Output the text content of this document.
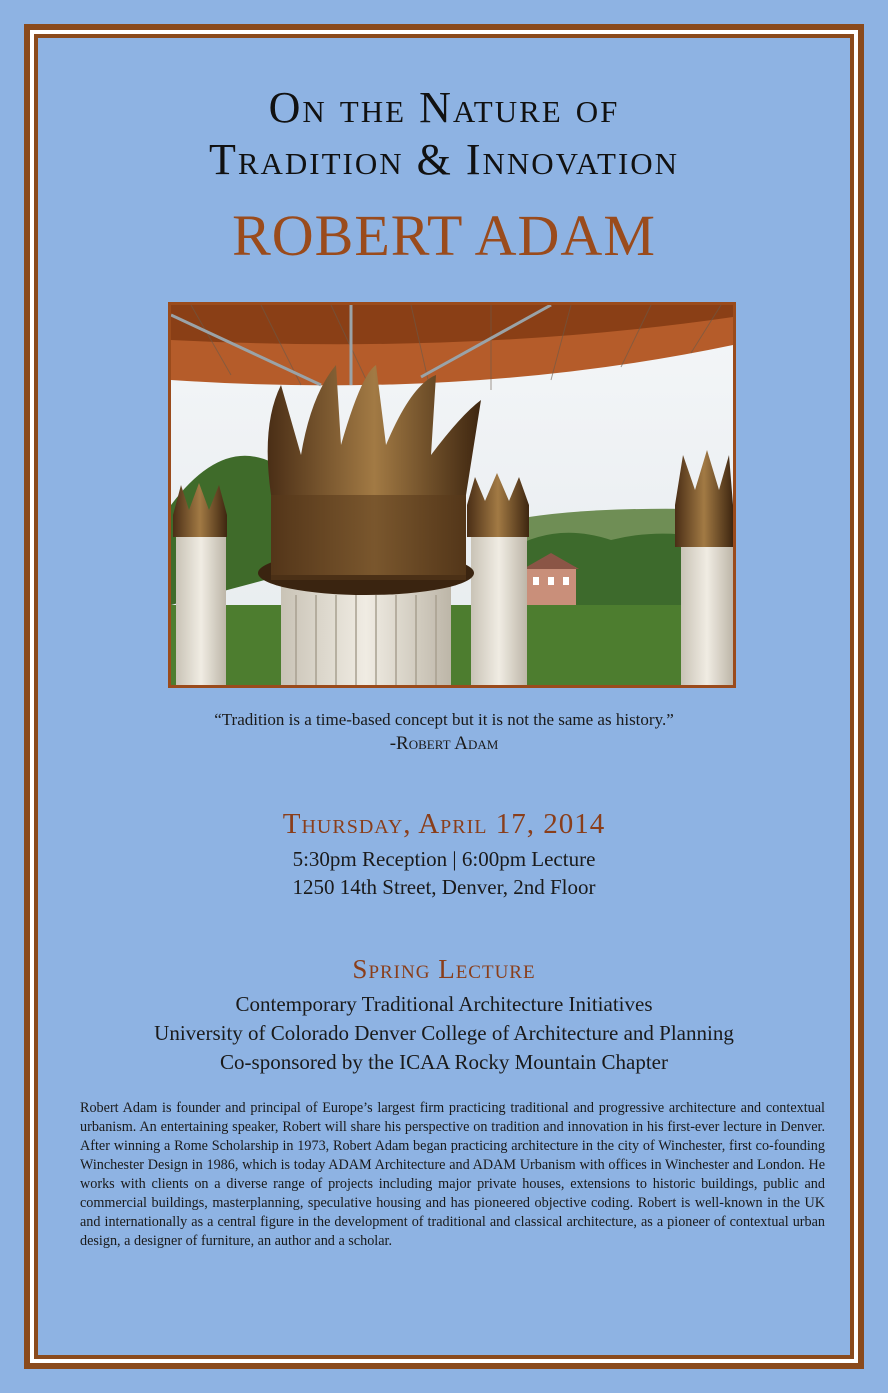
On the Nature of
Tradition & Innovation
ROBERT ADAM
“Tradition is a time-based concept but it is not the same as history.”
-Robert Adam
Thursday, April 17, 2014
5:30pm Reception | 6:00pm Lecture
1250 14th Street, Denver, 2nd Floor
Spring Lecture
Contemporary Traditional Architecture Initiatives
University of Colorado Denver College of Architecture and Planning
Co-sponsored by the ICAA Rocky Mountain Chapter
Robert Adam is founder and principal of Europe’s largest firm practicing traditional and progressive architecture and contextual urbanism. An entertaining speaker, Robert will share his perspective on tradition and innovation in his first-ever lecture in Denver. After winning a Rome Scholarship in 1973, Robert Adam began practicing architecture in the city of Winchester, first co-founding Winchester Design in 1986, which is today ADAM Architecture and ADAM Urbanism with offices in Winchester and London. He works with clients on a diverse range of projects including major private houses, extensions to historic buildings, public and commercial buildings, masterplanning, speculative housing and has pioneered objective coding. Robert is well-known in the UK and internationally as a central figure in the development of traditional and classical architecture, as a pioneer of contextual urban design, a designer of furniture, an author and a scholar.
